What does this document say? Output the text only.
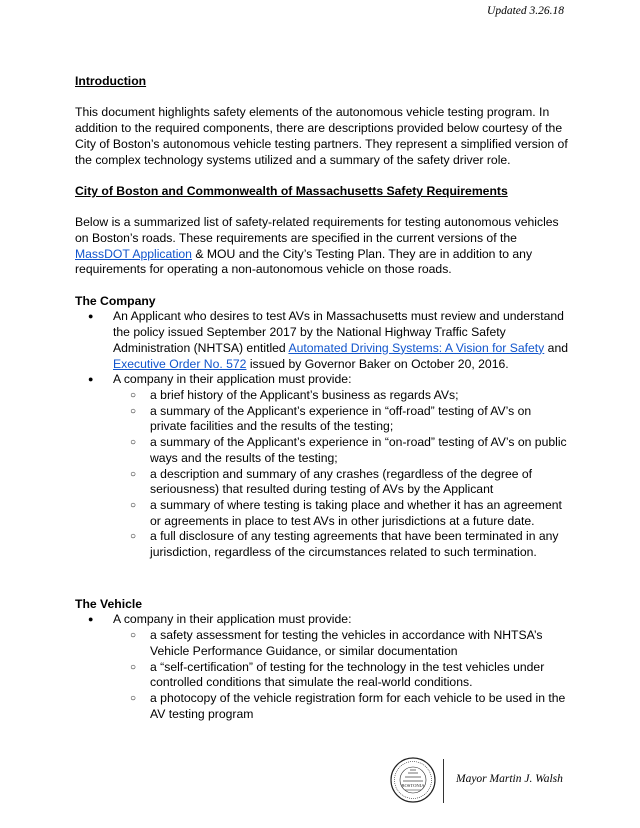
Updated 3.26.18

Introduction

This document highlights safety elements of the autonomous vehicle testing program. In addition to the required components, there are descriptions provided below courtesy of the City of Boston’s autonomous vehicle testing partners. They represent a simplified version of the complex technology systems utilized and a summary of the safety driver role.

City of Boston and Commonwealth of Massachusetts Safety Requirements

Below is a summarized list of safety-related requirements for testing autonomous vehicles on Boston’s roads. These requirements are specified in the current versions of the MassDOT Application & MOU and the City’s Testing Plan. They are in addition to any requirements for operating a non-autonomous vehicle on those roads.

The Company

● An Applicant who desires to test AVs in Massachusetts must review and understand the policy issued September 2017 by the National Highway Traffic Safety Administration (NHTSA) entitled Automated Driving Systems: A Vision for Safety and Executive Order No. 572 issued by Governor Baker on October 20, 2016.
● A company in their application must provide:
○ a brief history of the Applicant’s business as regards AVs;
○ a summary of the Applicant’s experience in “off-road” testing of AV’s on private facilities and the results of the testing;
○ a summary of the Applicant’s experience in “on-road” testing of AV’s on public ways and the results of the testing;
○ a description and summary of any crashes (regardless of the degree of seriousness) that resulted during testing of AVs by the Applicant
○ a summary of where testing is taking place and whether it has an agreement or agreements in place to test AVs in other jurisdictions at a future date.
○ a full disclosure of any testing agreements that have been terminated in any jurisdiction, regardless of the circumstances related to such termination.

The Vehicle

● A company in their application must provide:
○ a safety assessment for testing the vehicles in accordance with NHTSA’s Vehicle Performance Guidance, or similar documentation
○ a “self-certification” of testing for the technology in the test vehicles under controlled conditions that simulate the real-world conditions.
○ a photocopy of the vehicle registration form for each vehicle to be used in the AV testing program
BOSTONIA
Mayor Martin J. Walsh
